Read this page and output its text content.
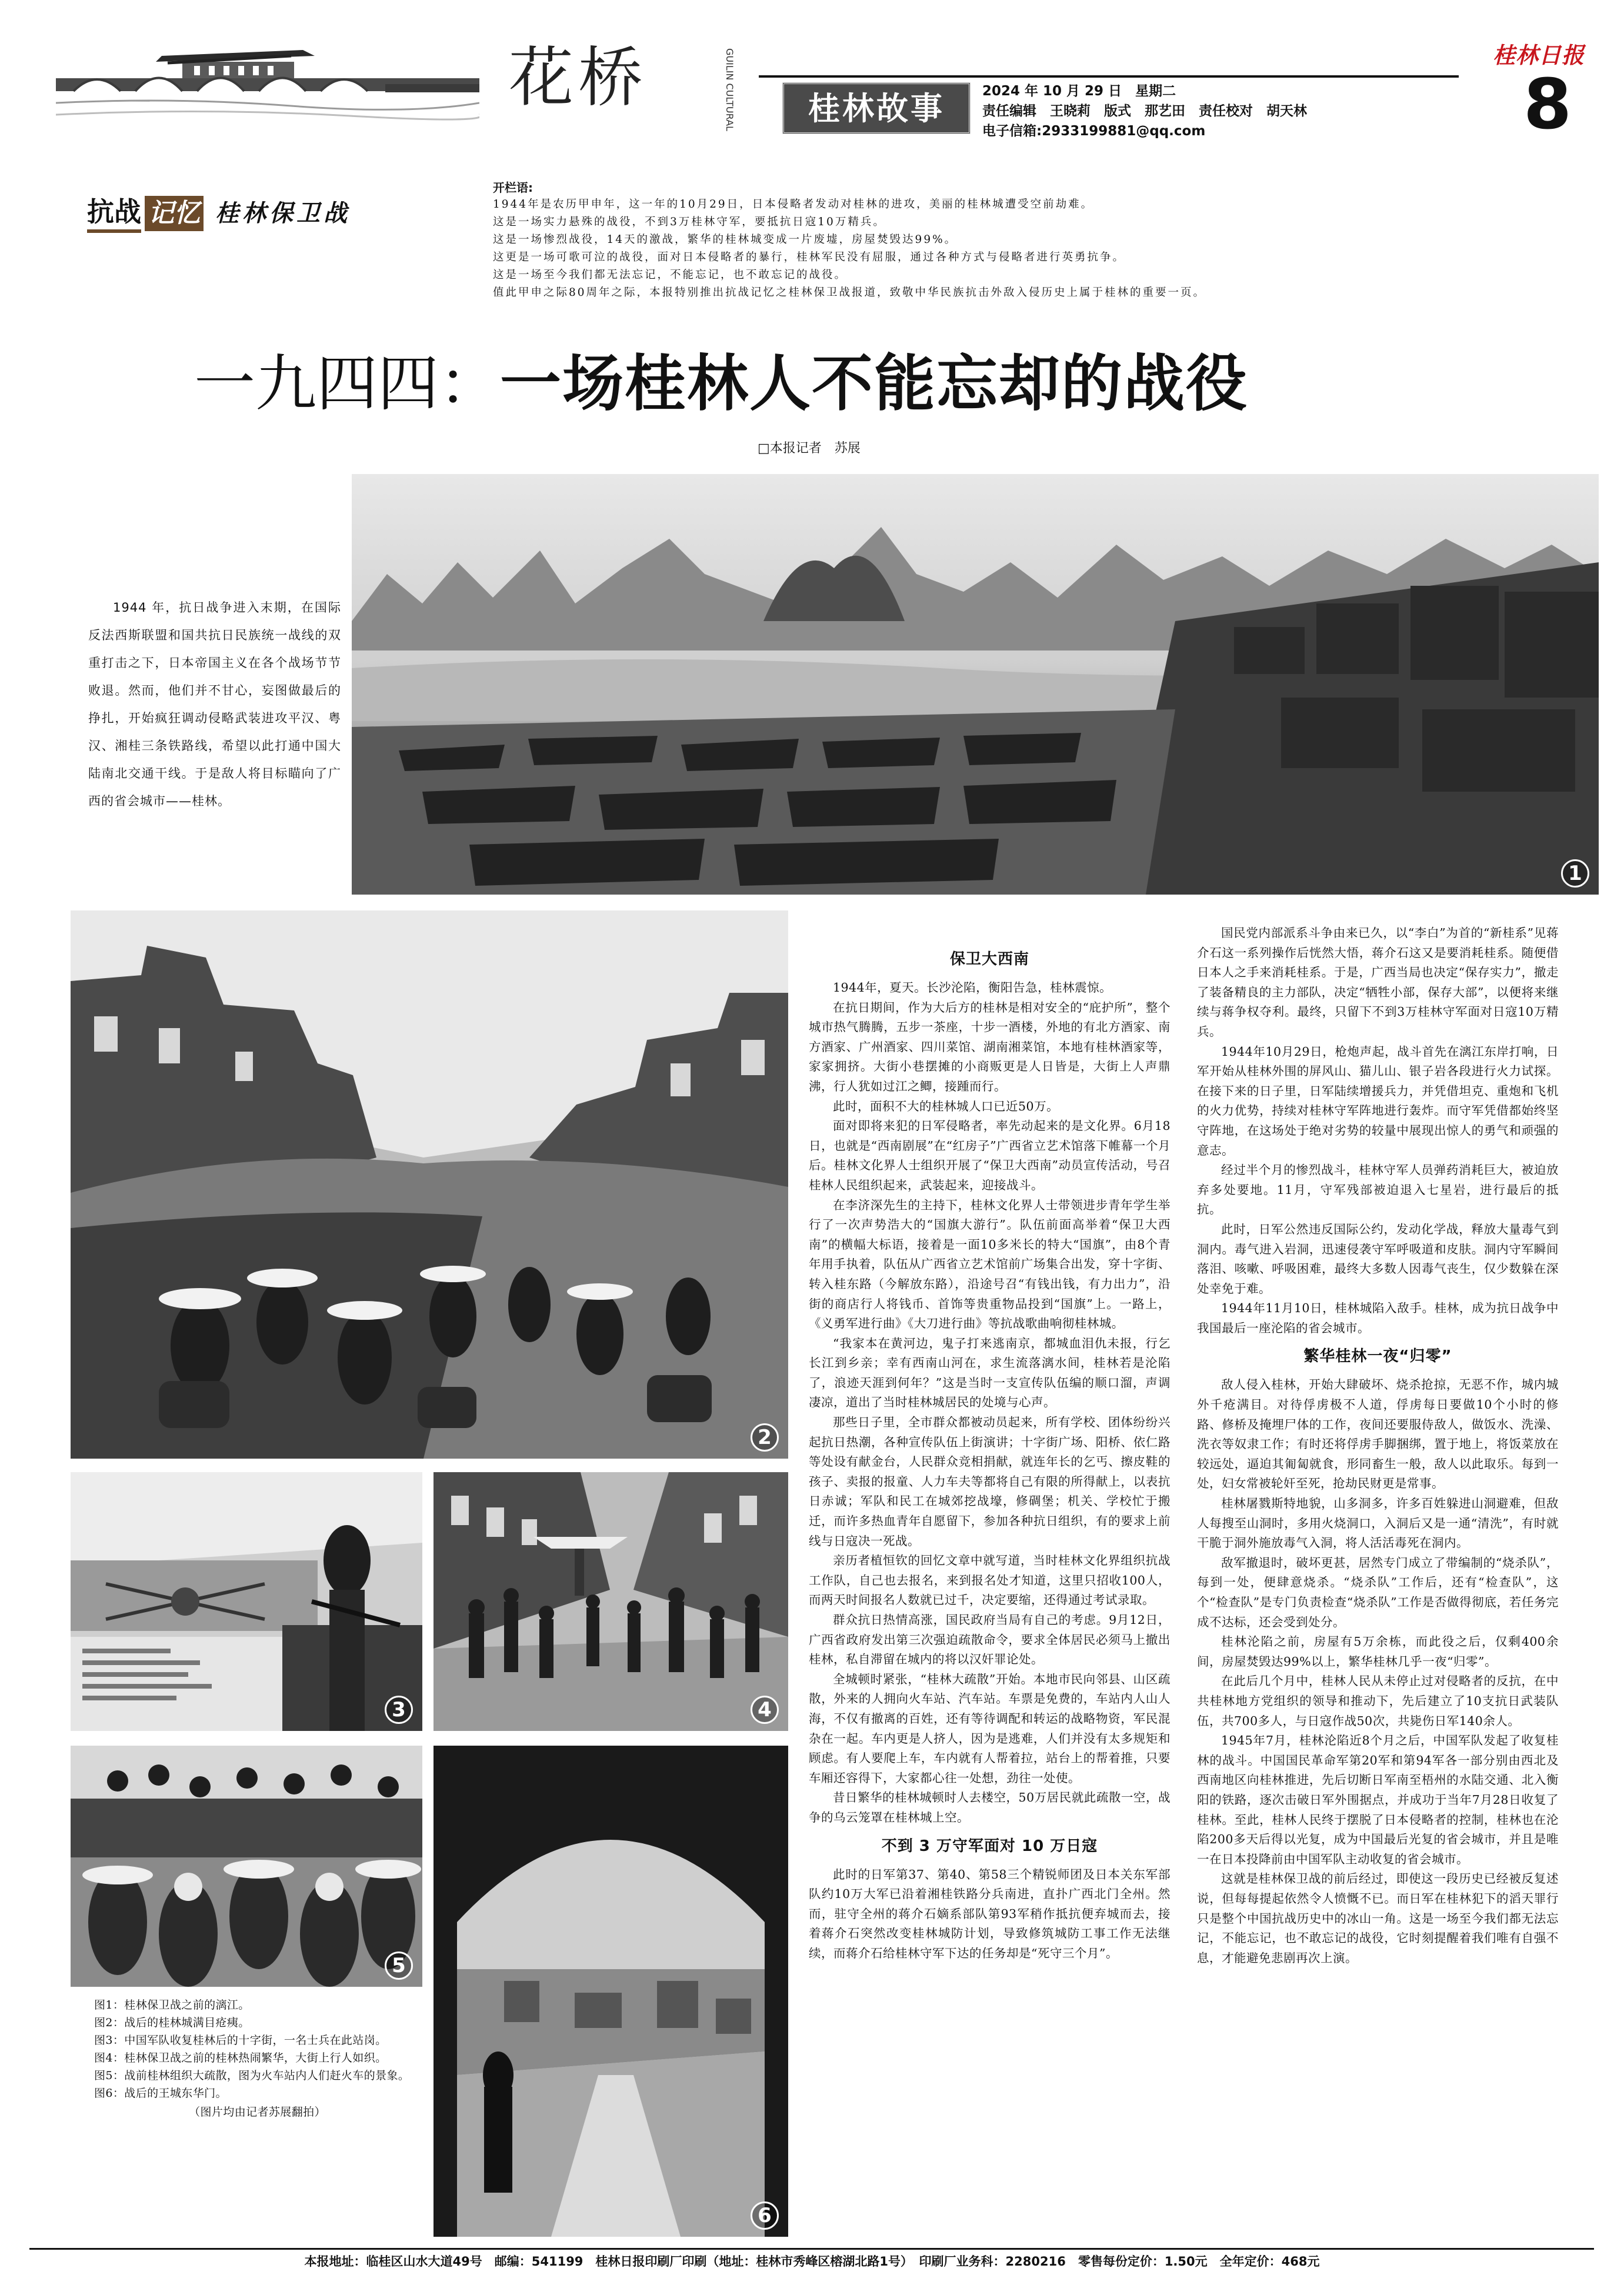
花桥	GUILIN CULTURAL 桂林故事	2024 年 10 月 29 日　星期二
责任编辑　王晓莉　版式　那艺田　责任校对　胡天林
电子信箱:2933199881@qq.com
桂林日报
8
抗战 记忆 桂林保卫战
开栏语:
1944年是农历甲申年，这一年的10月29日，日本侵略者发动对桂林的进攻，美丽的桂林城遭受空前劫难。
这是一场实力悬殊的战役，不到3万桂林守军，要抵抗日寇10万精兵。
这是一场惨烈战役，14天的激战，繁华的桂林城变成一片废墟，房屋焚毁达99%。
这更是一场可歌可泣的战役，面对日本侵略者的暴行，桂林军民没有屈服，通过各种方式与侵略者进行英勇抗争。
这是一场至今我们都无法忘记，不能忘记，也不敢忘记的战役。
值此甲申之际80周年之际，本报特别推出抗战记忆之桂林保卫战报道，致敬中华民族抗击外敌入侵历史上属于桂林的重要一页。
一九四四：一场桂林人不能忘却的战役
□本报记者　苏展
1944 年，抗日战争进入末期，在国际反法西斯联盟和国共抗日民族统一战线的双重打击之下，日本帝国主义在各个战场节节败退。然而，他们并不甘心，妄图做最后的挣扎，开始疯狂调动侵略武装进攻平汉、粤汉、湘桂三条铁路线，希望以此打通中国大陆南北交通干线。于是敌人将目标瞄向了广西的省会城市——桂林。
1
2
3	4
5
图1：桂林保卫战之前的漓江。
图2：战后的桂林城满目疮痍。
图3：中国军队收复桂林后的十字街，一名士兵在此站岗。
图4：桂林保卫战之前的桂林热闹繁华，大街上行人如织。
图5：战前桂林组织大疏散，图为火车站内人们赶火车的景象。
图6：战后的王城东华门。
（图片均由记者苏展翻拍）
6
保卫大西南

1944年，夏天。长沙沦陷，衡阳告急，桂林震惊。

在抗日期间，作为大后方的桂林是相对安全的“庇护所”，整个城市热气腾腾，五步一茶座，十步一酒楼，外地的有北方酒家、南方酒家、广州酒家、四川菜馆、湖南湘菜馆，本地有桂林酒家等，家家拥挤。大街小巷摆摊的小商贩更是人日皆是，大街上人声鼎沸，行人犹如过江之鲫，接踵而行。

此时，面积不大的桂林城人口已近50万。

面对即将来犯的日军侵略者，率先动起来的是文化界。6月18日，也就是“西南剧展”在“红房子”广西省立艺术馆落下帷幕一个月后。桂林文化界人士组织开展了“保卫大西南”动员宣传活动，号召桂林人民组织起来，武装起来，迎接战斗。

在李济深先生的主持下，桂林文化界人士带领进步青年学生举行了一次声势浩大的“国旗大游行”。队伍前面高举着“保卫大西南”的横幅大标语，接着是一面10多米长的特大“国旗”，由8个青年用手执着，队伍从广西省立艺术馆前广场集合出发，穿十字街、转入桂东路（今解放东路），沿途号召“有钱出钱，有力出力”，沿街的商店行人将钱币、首饰等贵重物品投到“国旗”上。一路上，《义勇军进行曲》《大刀进行曲》等抗战歌曲响彻桂林城。

“我家本在黄河边，鬼子打来逃南京，都城血泪仇未报，行乞长江到乡亲；幸有西南山河在，求生流落漓水间，桂林若是沦陷了，浪迹天涯到何年？”这是当时一支宣传队伍编的顺口溜，声调凄凉，道出了当时桂林城居民的处境与心声。

那些日子里，全市群众都被动员起来，所有学校、团体纷纷兴起抗日热潮，各种宣传队伍上街演讲；十字街广场、阳桥、依仁路等处设有献金台，人民群众竞相捐献，就连年长的乞丐、擦皮鞋的孩子、卖报的报童、人力车夫等都将自己有限的所得献上，以表抗日赤诚；军队和民工在城郊挖战壕，修碉堡；机关、学校忙于搬迁，而许多热血青年自愿留下，参加各种抗日组织，有的要求上前线与日寇决一死战。

亲历者植恒钦的回忆文章中就写道，当时桂林文化界组织抗战工作队，自己也去报名，来到报名处才知道，这里只招收100人，而两天时间报名人数就已过千，决定要缩，还得通过考试录取。

群众抗日热情高涨，国民政府当局有自己的考虑。9月12日，广西省政府发出第三次强迫疏散命令，要求全体居民必须马上撤出桂林，私自滞留在城内的将以汉奸罪论处。

全城顿时紧张，“桂林大疏散”开始。本地市民向邻县、山区疏散，外来的人拥向火车站、汽车站。车票是免费的，车站内人山人海，不仅有撤离的百姓，还有等待调配和转运的战略物资，军民混杂在一起。车内更是人挤人，因为是逃难，人们并没有太多规矩和顾虑。有人要爬上车，车内就有人帮着拉，站台上的帮着推，只要车厢还容得下，大家都心往一处想，劲往一处使。

昔日繁华的桂林城顿时人去楼空，50万居民就此疏散一空，战争的乌云笼罩在桂林城上空。

不到 3 万守军面对 10 万日寇

此时的日军第37、第40、第58三个精锐师团及日本关东军部队约10万大军已沿着湘桂铁路分兵南进，直扑广西北门全州。然而，驻守全州的蒋介石嫡系部队第93军稍作抵抗便弃城而去，接着蒋介石突然改变桂林城防计划，导致修筑城防工事工作无法继续，而蒋介石给桂林守军下达的任务却是“死守三个月”。

国民党内部派系斗争由来已久，以“李白”为首的“新桂系”见蒋介石这一系列操作后恍然大悟，蒋介石这又是要消耗桂系。随便借日本人之手来消耗桂系。于是，广西当局也决定“保存实力”，撤走了装备精良的主力部队，决定“牺牲小部，保存大部”，以便将来继续与蒋争权夺利。最终，只留下不到3万桂林守军面对日寇10万精兵。

1944年10月29日，枪炮声起，战斗首先在漓江东岸打响，日军开始从桂林外围的屏风山、猫儿山、银子岩各段进行火力试探。在接下来的日子里，日军陆续增援兵力，并凭借坦克、重炮和飞机的火力优势，持续对桂林守军阵地进行轰炸。而守军凭借都始终坚守阵地，在这场处于绝对劣势的较量中展现出惊人的勇气和顽强的意志。

经过半个月的惨烈战斗，桂林守军人员弹药消耗巨大，被迫放弃多处要地。11月，守军残部被迫退入七星岩，进行最后的抵抗。

此时，日军公然违反国际公约，发动化学战，释放大量毒气到洞内。毒气进入岩洞，迅速侵袭守军呼吸道和皮肤。洞内守军瞬间落泪、咳嗽、呼吸困难，最终大多数人因毒气丧生，仅少数躲在深处幸免于难。

1944年11月10日，桂林城陷入敌手。桂林，成为抗日战争中我国最后一座沦陷的省会城市。

繁华桂林一夜“归零”

敌人侵入桂林，开始大肆破坏、烧杀抢掠，无恶不作，城内城外千疮满目。对待俘虏极不人道，俘虏每日要做10个小时的修路、修桥及掩埋尸体的工作，夜间还要服侍敌人，做饭水、洗澡、洗衣等奴隶工作；有时还将俘虏手脚捆绑，置于地上，将饭菜放在较远处，逼迫其匍匐就食，形同畜生一般，敌人以此取乐。每到一处，妇女常被轮奸至死，抢劫民财更是常事。

桂林屠戮斯特地貌，山多洞多，许多百姓躲进山洞避难，但敌人每搜至山洞时，多用火烧洞口，入洞后又是一通“清洗”，有时就干脆于洞外施放毒气入洞，将人活活毒死在洞内。

敌军撤退时，破坏更甚，居然专门成立了带编制的“烧杀队”，每到一处，便肆意烧杀。“烧杀队”工作后，还有“检查队”，这个“检查队”是专门负责检查“烧杀队”工作是否做得彻底，若任务完成不达标，还会受到处分。

桂林沦陷之前，房屋有5万余栋，而此役之后，仅剩400余间，房屋焚毁达99%以上，繁华桂林几乎一夜“归零”。

在此后几个月中，桂林人民从未停止过对侵略者的反抗，在中共桂林地方党组织的领导和推动下，先后建立了10支抗日武装队伍，共700多人，与日寇作战50次，共毙伤日军140余人。

1945年7月，桂林沦陷近8个月之后，中国军队发起了收复桂林的战斗。中国国民革命军第20军和第94军各一部分别由西北及西南地区向桂林推进，先后切断日军南至梧州的水陆交通、北入衡阳的铁路，逐次击破日军外围据点，并成功于当年7月28日收复了桂林。至此，桂林人民终于摆脱了日本侵略者的控制，桂林也在沦陷200多天后得以光复，成为中国最后光复的省会城市，并且是唯一在日本投降前由中国军队主动收复的省会城市。

这就是桂林保卫战的前后经过，即使这一段历史已经被反复述说，但每每提起依然令人愤慨不已。而日军在桂林犯下的滔天罪行只是整个中国抗战历史中的冰山一角。这是一场至今我们都无法忘记，不能忘记，也不敢忘记的战役，它时刻提醒着我们唯有自强不息，才能避免悲剧再次上演。

本报地址：临桂区山水大道49号　邮编：541199　桂林日报印刷厂印刷（地址：桂林市秀峰区榕湖北路1号）　印刷厂业务科：2280216　零售每份定价：1.50元　全年定价：468元
